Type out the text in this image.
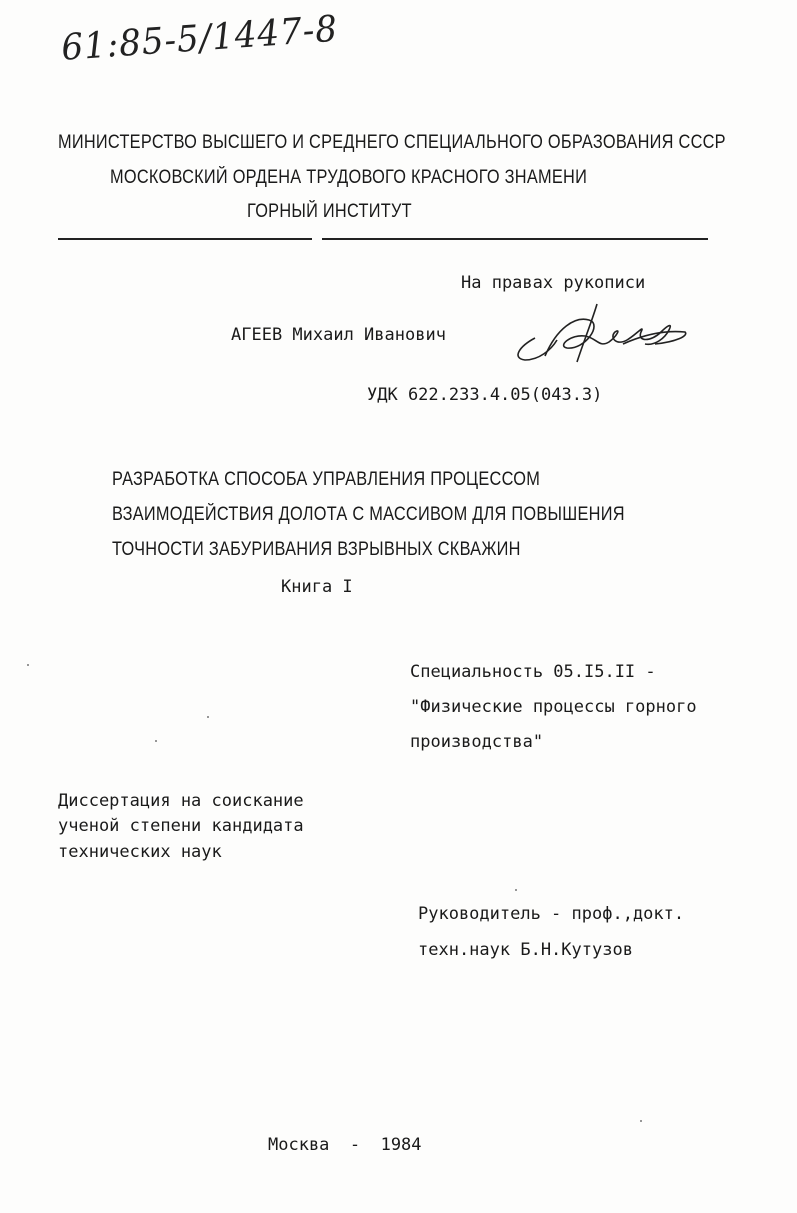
61:85-5/1447-8
МИНИСТЕРСТВО ВЫСШЕГО И СРЕДНЕГО СПЕЦИАЛЬНОГО ОБРАЗОВАНИЯ СССР
МОСКОВСКИЙ ОРДЕНА ТРУДОВОГО КРАСНОГО ЗНАМЕНИ
ГОРНЫЙ ИНСТИТУТ
На правах рукописи
АГЕЕВ Михаил Иванович
УДК 622.233.4.05(043.3)
РАЗРАБОТКА СПОСОБА УПРАВЛЕНИЯ ПРОЦЕССОМ
ВЗАИМОДЕЙСТВИЯ ДОЛОТА С МАССИВОМ ДЛЯ ПОВЫШЕНИЯ
ТОЧНОСТИ ЗАБУРИВАНИЯ ВЗРЫВНЫХ СКВАЖИН
Книга I
Специальность 05.I5.II -
"Физические процессы горного
производства"
Диссертация на соискание
ученой степени кандидата
технических наук
Руководитель - проф.,докт.
техн.наук Б.Н.Кутузов
Москва  -  1984
